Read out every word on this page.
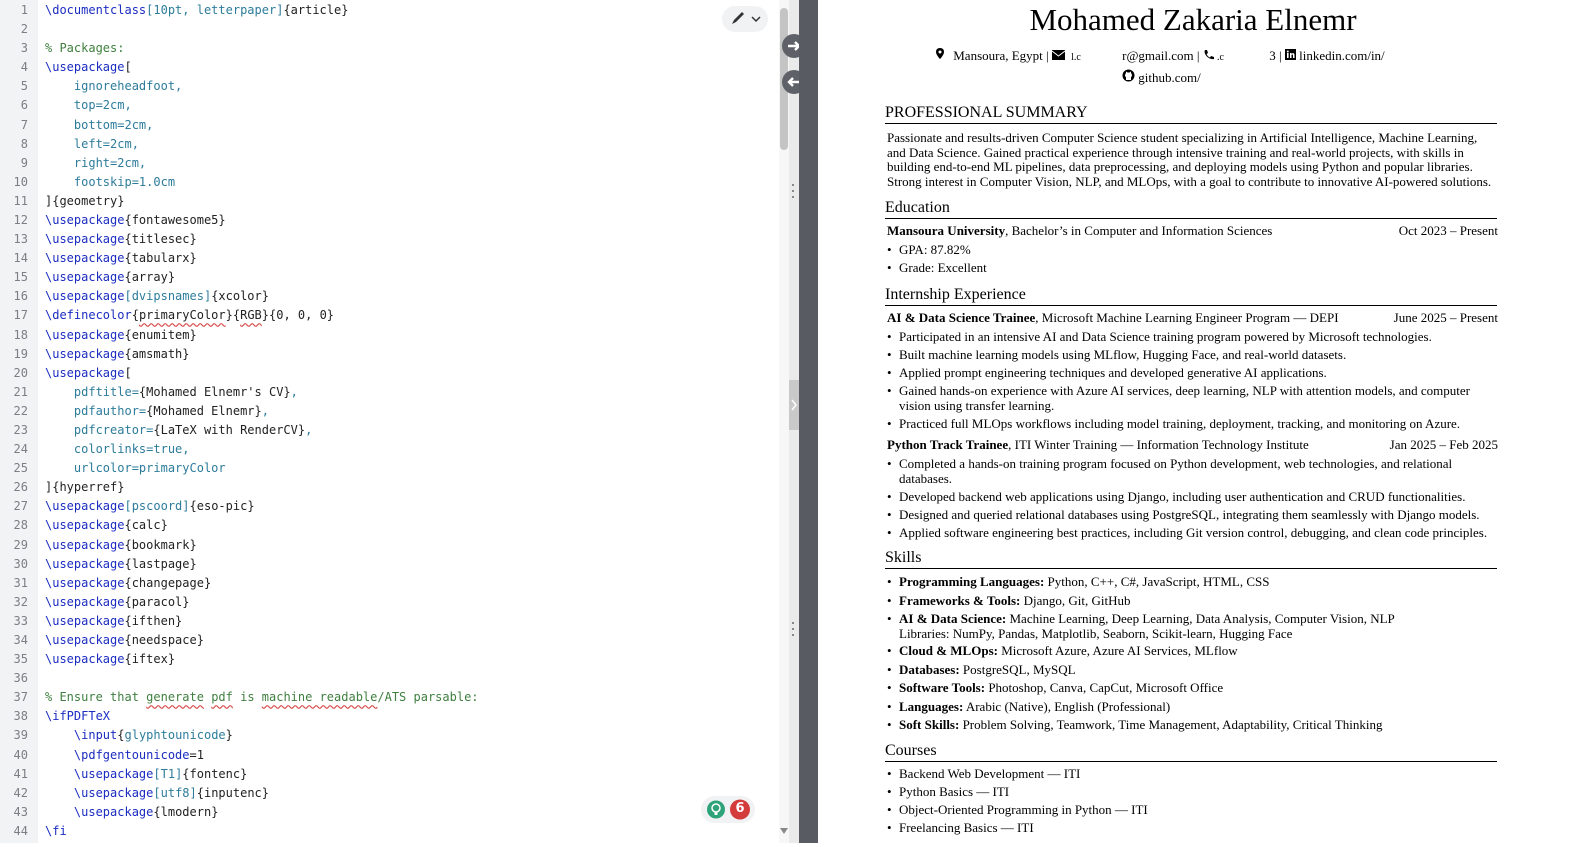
1
2
3
4
5
6
7
8
9
10
11
12
13
14
15
16
17
18
19
20
21
22
23
24
25
26
27
28
29
30
31
32
33
34
35
36
37
38
39
40
41
42
43
44
\documentclass[10pt, letterpaper]{article}
% Packages:
\usepackage[
ignoreheadfoot,
top=2cm,
bottom=2cm,
left=2cm,
right=2cm,
footskip=1.0cm
]{geometry}
\usepackage{fontawesome5}
\usepackage{titlesec}
\usepackage{tabularx}
\usepackage{array}
\usepackage[dvipsnames]{xcolor}
\definecolor{primaryColor}{RGB}{0, 0, 0}
\usepackage{enumitem}
\usepackage{amsmath}
\usepackage[
pdftitle={Mohamed Elnemr's CV},
pdfauthor={Mohamed Elnemr},
pdfcreator={LaTeX with RenderCV},
colorlinks=true,
urlcolor=primaryColor
]{hyperref}
\usepackage[pscoord]{eso-pic}
\usepackage{calc}
\usepackage{bookmark}
\usepackage{lastpage}
\usepackage{changepage}
\usepackage{paracol}
\usepackage{ifthen}
\usepackage{needspace}
\usepackage{iftex}
% Ensure that generate pdf is machine readable/ATS parsable:
\ifPDFTeX
\input{glyphtounicode}
\pdfgentounicode=1
\usepackage[T1]{fontenc}
\usepackage[utf8]{inputenc}
\usepackage{lmodern}
\fi
6
Mohamed Zakaria Elnemr
Mansoura, Egypt |  l.c	r@gmail.com |  .c	3 |  linkedin.com/in/
github.com/
PROFESSIONAL SUMMARY
Passionate and results-driven Computer Science student specializing in Artificial Intelligence, Machine Learning,
and Data Science. Gained practical experience through intensive training and real-world projects, with skills in
building end-to-end ML pipelines, data preprocessing, and deploying models using Python and popular libraries.
Strong interest in Computer Vision, NLP, and MLOps, with a goal to contribute to innovative AI-powered solutions.
Education
Mansoura University, Bachelor’s in Computer and Information Sciences	Oct 2023 – Present
• GPA: 87.82%
• Grade: Excellent
Internship Experience
AI & Data Science Trainee, Microsoft Machine Learning Engineer Program — DEPI	June 2025 – Present
• Participated in an intensive AI and Data Science training program powered by Microsoft technologies.
• Built machine learning models using MLflow, Hugging Face, and real-world datasets.
• Applied prompt engineering techniques and developed generative AI applications.
• Gained hands-on experience with Azure AI services, deep learning, NLP with attention models, and computer vision using transfer learning.
• Practiced full MLOps workflows including model training, deployment, tracking, and monitoring on Azure.
Python Track Trainee, ITI Winter Training — Information Technology Institute	Jan 2025 – Feb 2025
• Completed a hands-on training program focused on Python development, web technologies, and relational databases.
• Developed backend web applications using Django, including user authentication and CRUD functionalities.
• Designed and queried relational databases using PostgreSQL, integrating them seamlessly with Django models.
• Applied software engineering best practices, including Git version control, debugging, and clean code principles.
Skills
• Programming Languages: Python, C++, C#, JavaScript, HTML, CSS
• Frameworks & Tools: Django, Git, GitHub
• AI & Data Science: Machine Learning, Deep Learning, Data Analysis, Computer Vision, NLP
Libraries: NumPy, Pandas, Matplotlib, Seaborn, Scikit-learn, Hugging Face
• Cloud & MLOps: Microsoft Azure, Azure AI Services, MLflow
• Databases: PostgreSQL, MySQL
• Software Tools: Photoshop, Canva, CapCut, Microsoft Office
• Languages: Arabic (Native), English (Professional)
• Soft Skills: Problem Solving, Teamwork, Time Management, Adaptability, Critical Thinking
Courses
• Backend Web Development — ITI
• Python Basics — ITI
• Object-Oriented Programming in Python — ITI
• Freelancing Basics — ITI
